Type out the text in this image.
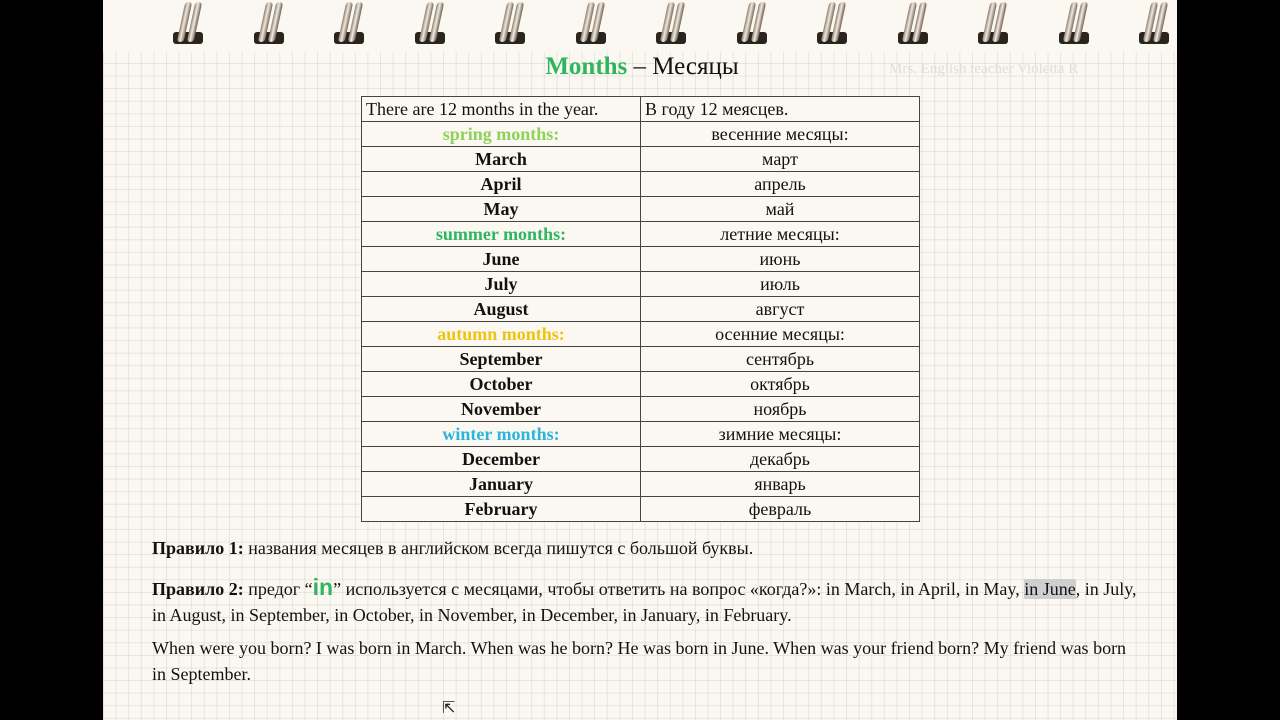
Months – Месяцы	Mrs. English teacher Violetta R
There are 12 months in the year.	В году 12 меясцев.
spring months:	весенние месяцы:
March	март
April	апрель
May	май
summer months:	летние месяцы:
June	июнь
July	июль
August	август
autumn months:	осенние месяцы:
September	сентябрь
October	октябрь
November	ноябрь
winter months:	зимние месяцы:
December	декабрь
January	январь
February	февраль
Правило 1: названия месяцев в английском всегда пишутся с большой буквы.
Правило 2: предог “in” используется с месяцами, чтобы ответить на вопрос «когда?»: in March, in April, in May, in June, in July, in August, in September, in October, in November, in December, in January, in February.
When were you born? I was born in March. When was he born? He was born in June. When was your friend born? My friend was born in September.
⇱
